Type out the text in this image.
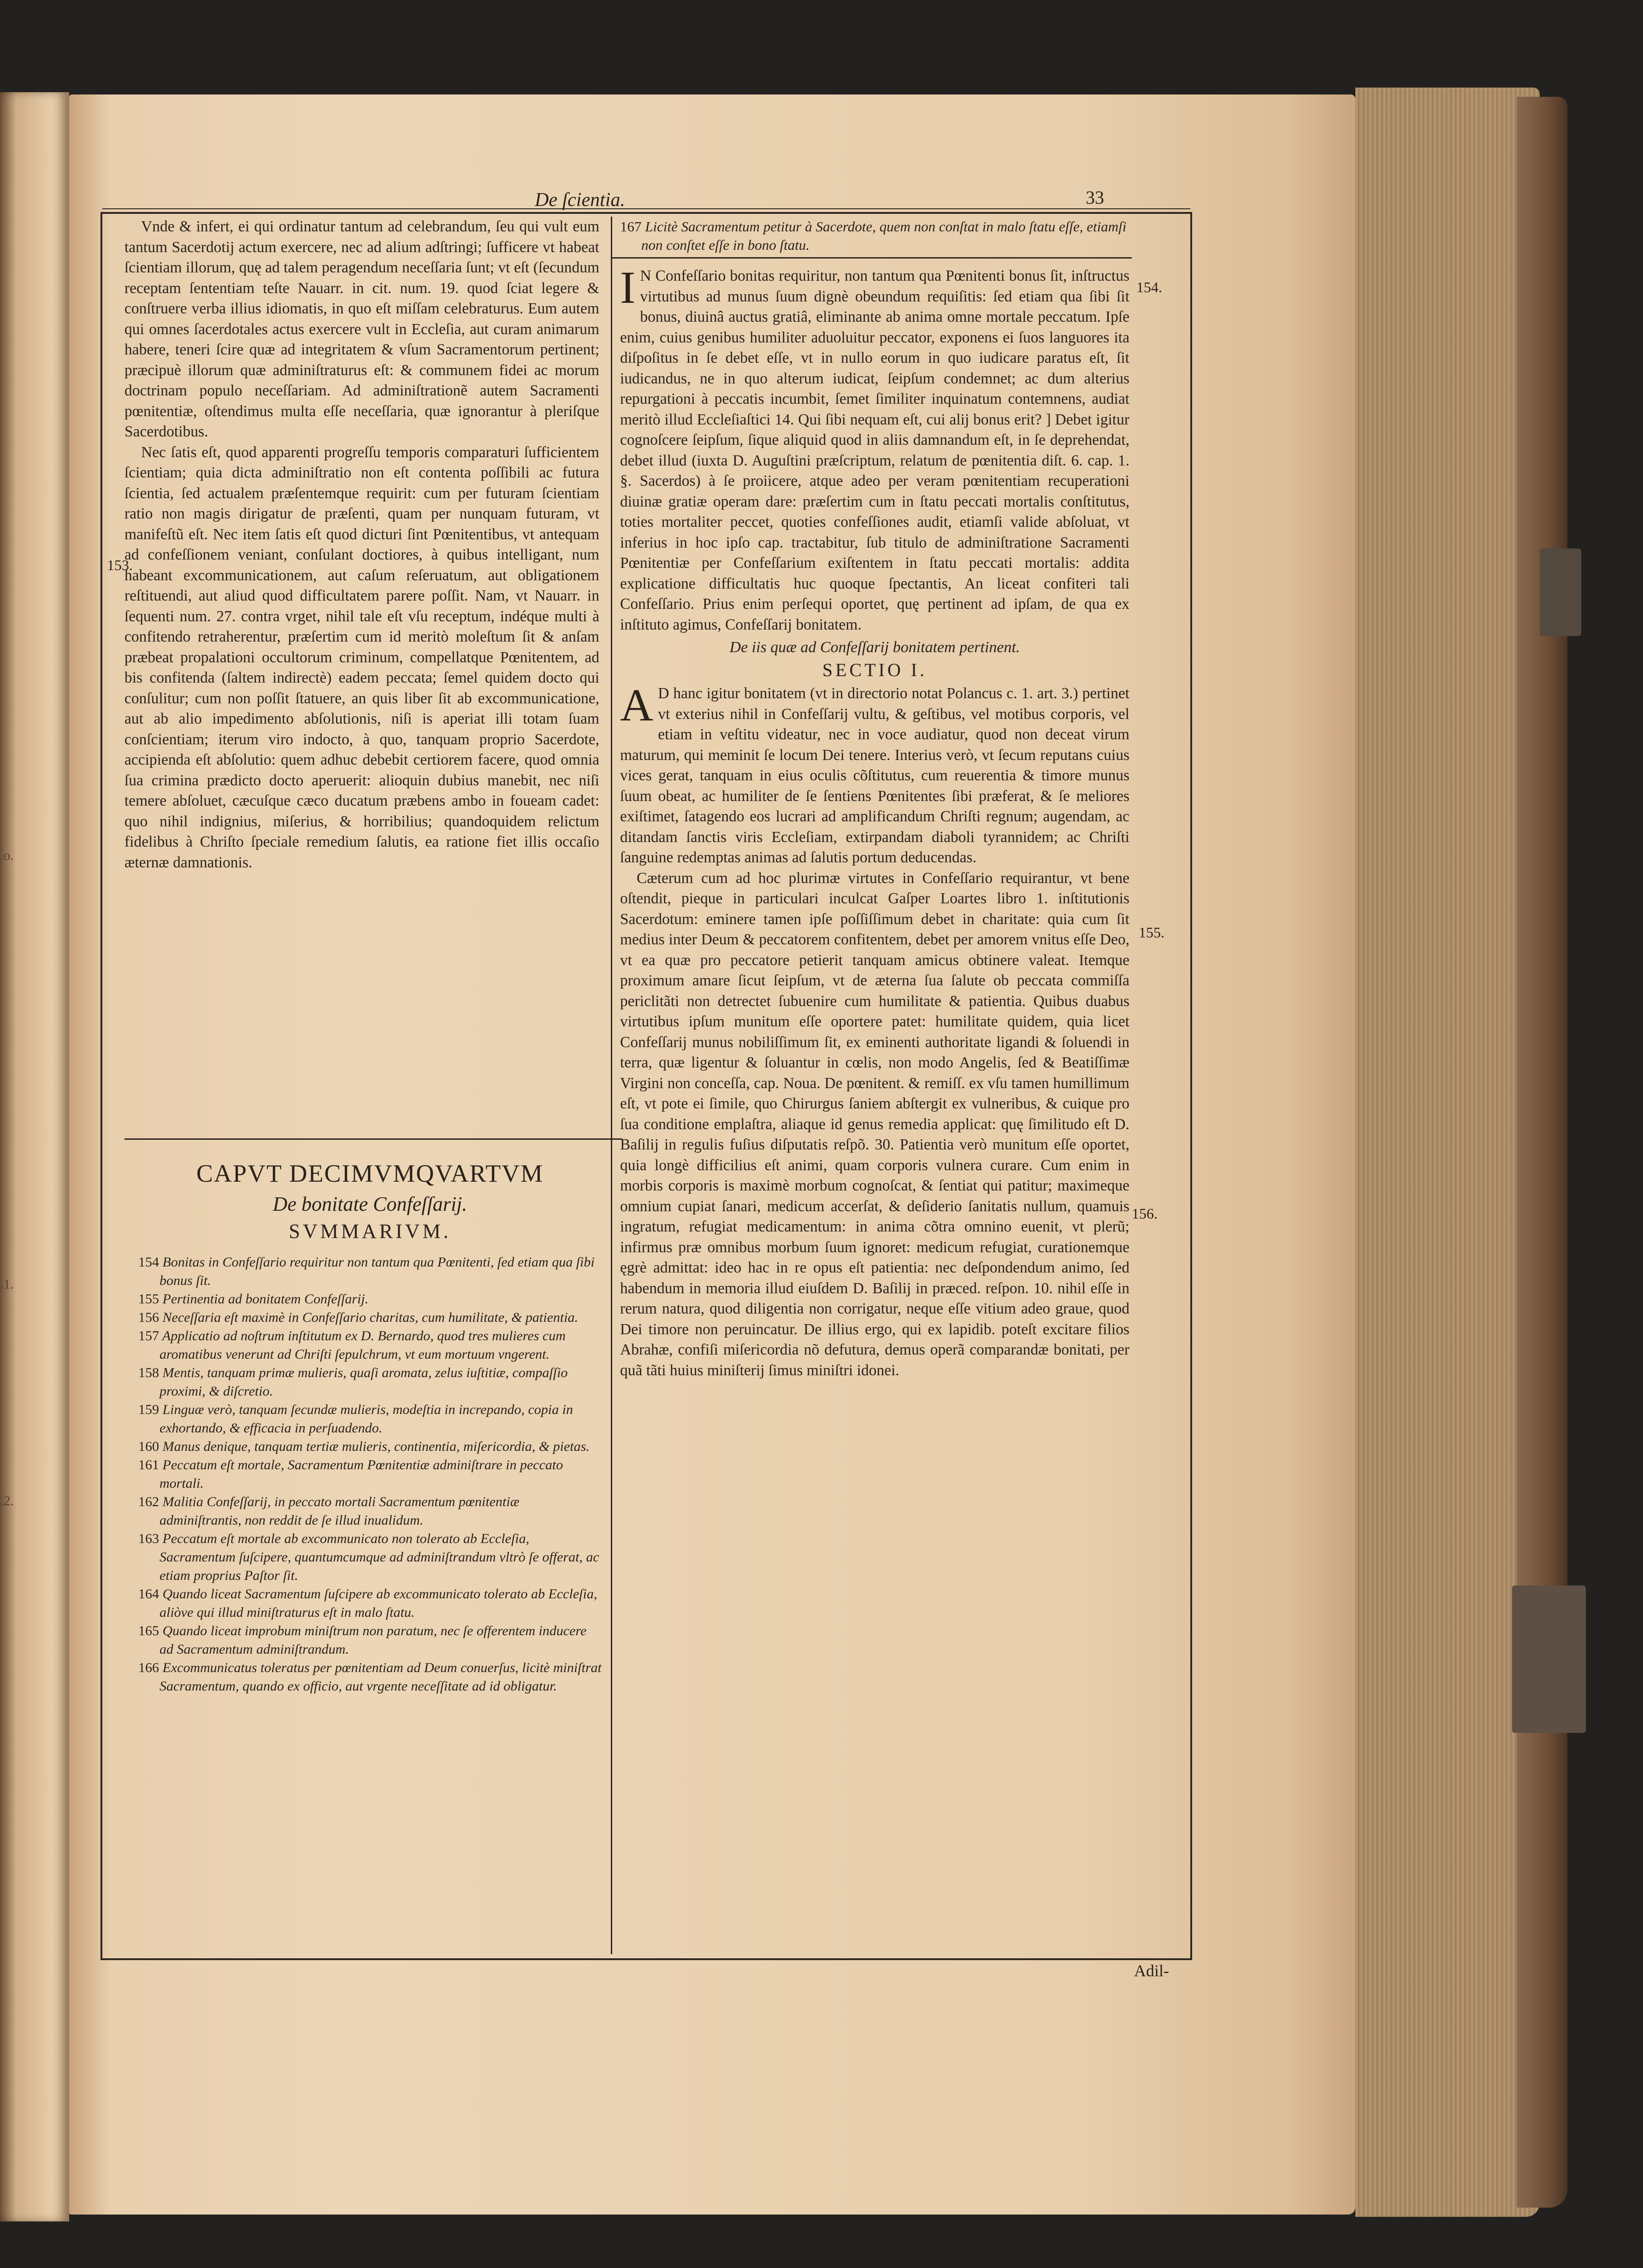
.o.
.1.
.2.
De ſcientia.	33

Vnde & infert, ei qui ordinatur tantum ad celebrandum, ſeu qui vult eum tantum Sacerdotij actum exercere, nec ad alium adſtringi; ſufficere vt habeat ſcientiam illorum, quę ad talem peragendum neceſſaria ſunt; vt eſt (ſecundum receptam ſententiam teſte Nauarr. in cit. num. 19. quod ſciat legere & conſtruere verba illius idiomatis, in quo eſt miſſam celebraturus. Eum autem qui omnes ſacerdotales actus exercere vult in Eccleſia, aut curam animarum habere, teneri ſcire quæ ad integritatem & vſum Sacramentorum pertinent; præcipuè illorum quæ adminiſtraturus eſt: & communem fidei ac morum doctrinam populo neceſſariam. Ad adminiſtrationẽ autem Sacramenti pœnitentiæ, oſtendimus multa eſſe neceſſaria, quæ ignorantur à pleriſque Sacerdotibus.

Nec ſatis eſt, quod apparenti progreſſu temporis comparaturi ſufficientem ſcientiam; quia dicta adminiſtratio non eſt contenta poſſibili ac futura ſcientia, ſed actualem præſentemque requirit: cum per futuram ſcientiam ratio non magis dirigatur de præſenti, quam per nunquam futuram, vt manifeſtũ eſt. Nec item ſatis eſt quod dicturi ſint Pœnitentibus, vt antequam ad confeſſionem veniant, conſulant doctiores, à quibus intelligant, num habeant excommunicationem, aut caſum reſeruatum, aut obligationem reſtituendi, aut aliud quod difficultatem parere poſſit. Nam, vt Nauarr. in ſequenti num. 27. contra vrget, nihil tale eſt vſu receptum, indéque multi à confitendo retraherentur, præſertim cum id meritò moleſtum ſit & anſam præbeat propalationi occultorum criminum, compellatque Pœnitentem, ad bis confitenda (ſaltem indirectè) eadem peccata; ſemel quidem docto qui conſulitur; cum non poſſit ſtatuere, an quis liber ſit ab excommunicatione, aut ab alio impedimento abſolutionis, niſi is aperiat illi totam ſuam conſcientiam; iterum viro indocto, à quo, tanquam proprio Sacerdote, accipienda eſt abſolutio: quem adhuc debebit certiorem facere, quod omnia ſua crimina prædicto docto aperuerit: alioquin dubius manebit, nec niſi temere abſoluet, cæcuſque cæco ducatum præbens ambo in foueam cadet: quo nihil indignius, miſerius, & horribilius; quandoquidem relictum fidelibus à Chriſto ſpeciale remedium ſalutis, ea ratione fiet illis occaſio æternæ damnationis.

153.

CAPVT DECIMVMQVARTVM

De bonitate Confeſſarij.

SVMMARIVM.

154 Bonitas in Confeſſario requiritur non tantum qua Pœnitenti, ſed etiam qua ſibi bonus ſit.

155 Pertinentia ad bonitatem Confeſſarij.

156 Neceſſaria eſt maximè in Confeſſario charitas, cum humilitate, & patientia.

157 Applicatio ad noſtrum inſtitutum ex D. Bernardo, quod tres mulieres cum aromatibus venerunt ad Chriſti ſepulchrum, vt eum mortuum vngerent.

158 Mentis, tanquam primæ mulieris, quaſi aromata, zelus iuſtitiæ, compaſſio proximi, & diſcretio.

159 Linguæ verò, tanquam ſecundæ mulieris, modeſtia in increpando, copia in exhortando, & efficacia in perſuadendo.

160 Manus denique, tanquam tertiæ mulieris, continentia, miſericordia, & pietas.

161 Peccatum eſt mortale, Sacramentum Pœnitentiæ adminiſtrare in peccato mortali.

162 Malitia Confeſſarij, in peccato mortali Sacramentum pœnitentiæ adminiſtrantis, non reddit de ſe illud inualidum.

163 Peccatum eſt mortale ab excommunicato non tolerato ab Eccleſia, Sacramentum ſuſcipere, quantumcumque ad adminiſtrandum vltrò ſe offerat, ac etiam proprius Paſtor ſit.

164 Quando liceat Sacramentum ſuſcipere ab excommunicato tolerato ab Eccleſia, aliòve qui illud miniſtraturus eſt in malo ſtatu.

165 Quando liceat improbum miniſtrum non paratum, nec ſe offerentem inducere ad Sacramentum adminiſtrandum.

166 Excommunicatus toleratus per pœnitentiam ad Deum conuerſus, licitè miniſtrat Sacramentum, quando ex officio, aut vrgente neceſſitate ad id obligatur.

167 Licitè Sacramentum petitur à Sacerdote, quem non conſtat in malo ſtatu eſſe, etiamſi non conſtet eſſe in bono ſtatu.

I N Confeſſario bonitas requiritur, non tantum qua Pœnitenti bonus ſit, inſtructus virtutibus ad munus ſuum dignè obeundum requiſitis: ſed etiam qua ſibi ſit bonus, diuinâ auctus gratiâ, eliminante ab anima omne mortale peccatum. Ipſe enim, cuius genibus humiliter aduoluitur peccator, exponens ei ſuos languores ita diſpoſitus in ſe debet eſſe, vt in nullo eorum in quo iudicare paratus eſt, ſit iudicandus, ne in quo alterum iudicat, ſeipſum condemnet; ac dum alterius repurgationi à peccatis incumbit, ſemet ſimiliter inquinatum contemnens, audiat meritò illud Eccleſiaſtici 14. Qui ſibi nequam eſt, cui alij bonus erit? ] Debet igitur cognoſcere ſeipſum, ſique aliquid quod in aliis damnandum eſt, in ſe deprehendat, debet illud (iuxta D. Auguſtini præſcriptum, relatum de pœnitentia diſt. 6. cap. 1. §. Sacerdos) à ſe proiicere, atque adeo per veram pœnitentiam recuperationi diuinæ gratiæ operam dare: præſertim cum in ſtatu peccati mortalis conſtitutus, toties mortaliter peccet, quoties confeſſiones audit, etiamſi valide abſoluat, vt inferius in hoc ipſo cap. tractabitur, ſub titulo de adminiſtratione Sacramenti Pœnitentiæ per Confeſſarium exiſtentem in ſtatu peccati mortalis: addita explicatione difficultatis huc quoque ſpectantis, An liceat confiteri tali Confeſſario. Prius enim perſequi oportet, quę pertinent ad ipſam, de qua ex inſtituto agimus, Confeſſarij bonitatem.

De iis quæ ad Confeſſarij bonitatem pertinent.

SECTIO I.

A D hanc igitur bonitatem (vt in directorio notat Polancus c. 1. art. 3.) pertinet vt exterius nihil in Confeſſarij vultu, & geſtibus, vel motibus corporis, vel etiam in veſtitu videatur, nec in voce audiatur, quod non deceat virum maturum, qui meminit ſe locum Dei tenere. Interius verò, vt ſecum reputans cuius vices gerat, tanquam in eius oculis cõſtitutus, cum reuerentia & timore munus ſuum obeat, ac humiliter de ſe ſentiens Pœnitentes ſibi præferat, & ſe meliores exiſtimet, ſatagendo eos lucrari ad amplificandum Chriſti regnum; augendam, ac ditandam ſanctis viris Eccleſiam, extirpandam diaboli tyrannidem; ac Chriſti ſanguine redemptas animas ad ſalutis portum deducendas.

Cæterum cum ad hoc plurimæ virtutes in Confeſſario requirantur, vt bene oſtendit, pieque in particulari inculcat Gaſper Loartes libro 1. inſtitutionis Sacerdotum: eminere tamen ipſe poſſiſſimum debet in charitate: quia cum ſit medius inter Deum & peccatorem confitentem, debet per amorem vnitus eſſe Deo, vt ea quæ pro peccatore petierit tanquam amicus obtinere valeat. Itemque proximum amare ſicut ſeipſum, vt de æterna ſua ſalute ob peccata commiſſa periclitãti non detrectet ſubuenire cum humilitate & patientia. Quibus duabus virtutibus ipſum munitum eſſe oportere patet: humilitate quidem, quia licet Confeſſarij munus nobiliſſimum ſit, ex eminenti authoritate ligandi & ſoluendi in terra, quæ ligentur & ſoluantur in cœlis, non modo Angelis, ſed & Beatiſſimæ Virgini non conceſſa, cap. Noua. De pœnitent. & remiſſ. ex vſu tamen humillimum eſt, vt pote ei ſimile, quo Chirurgus ſaniem abſtergit ex vulneribus, & cuique pro ſua conditione emplaſtra, aliaque id genus remedia applicat: quę ſimilitudo eſt D. Baſilij in regulis fuſius diſputatis reſpõ. 30. Patientia verò munitum eſſe oportet, quia longè difficilius eſt animi, quam corporis vulnera curare. Cum enim in morbis corporis is maximè morbum cognoſcat, & ſentiat qui patitur; maximeque omnium cupiat ſanari, medicum accerſat, & deſiderio ſanitatis nullum, quamuis ingratum, refugiat medicamentum: in anima cõtra omnino euenit, vt plerũ; infirmus præ omnibus morbum ſuum ignoret: medicum refugiat, curationemque ęgrè admittat: ideo hac in re opus eſt patientia: nec deſpondendum animo, ſed habendum in memoria illud eiuſdem D. Baſilij in præced. reſpon. 10. nihil eſſe in rerum natura, quod diligentia non corrigatur, neque eſſe vitium adeo graue, quod Dei timore non peruincatur. De illius ergo, qui ex lapidib. poteſt excitare filios Abrahæ, confiſi miſericordia nõ defutura, demus operã comparandæ bonitati, per quã tãti huius miniſterij ſimus miniſtri idonei.

154.
155.
156.
Adil-
